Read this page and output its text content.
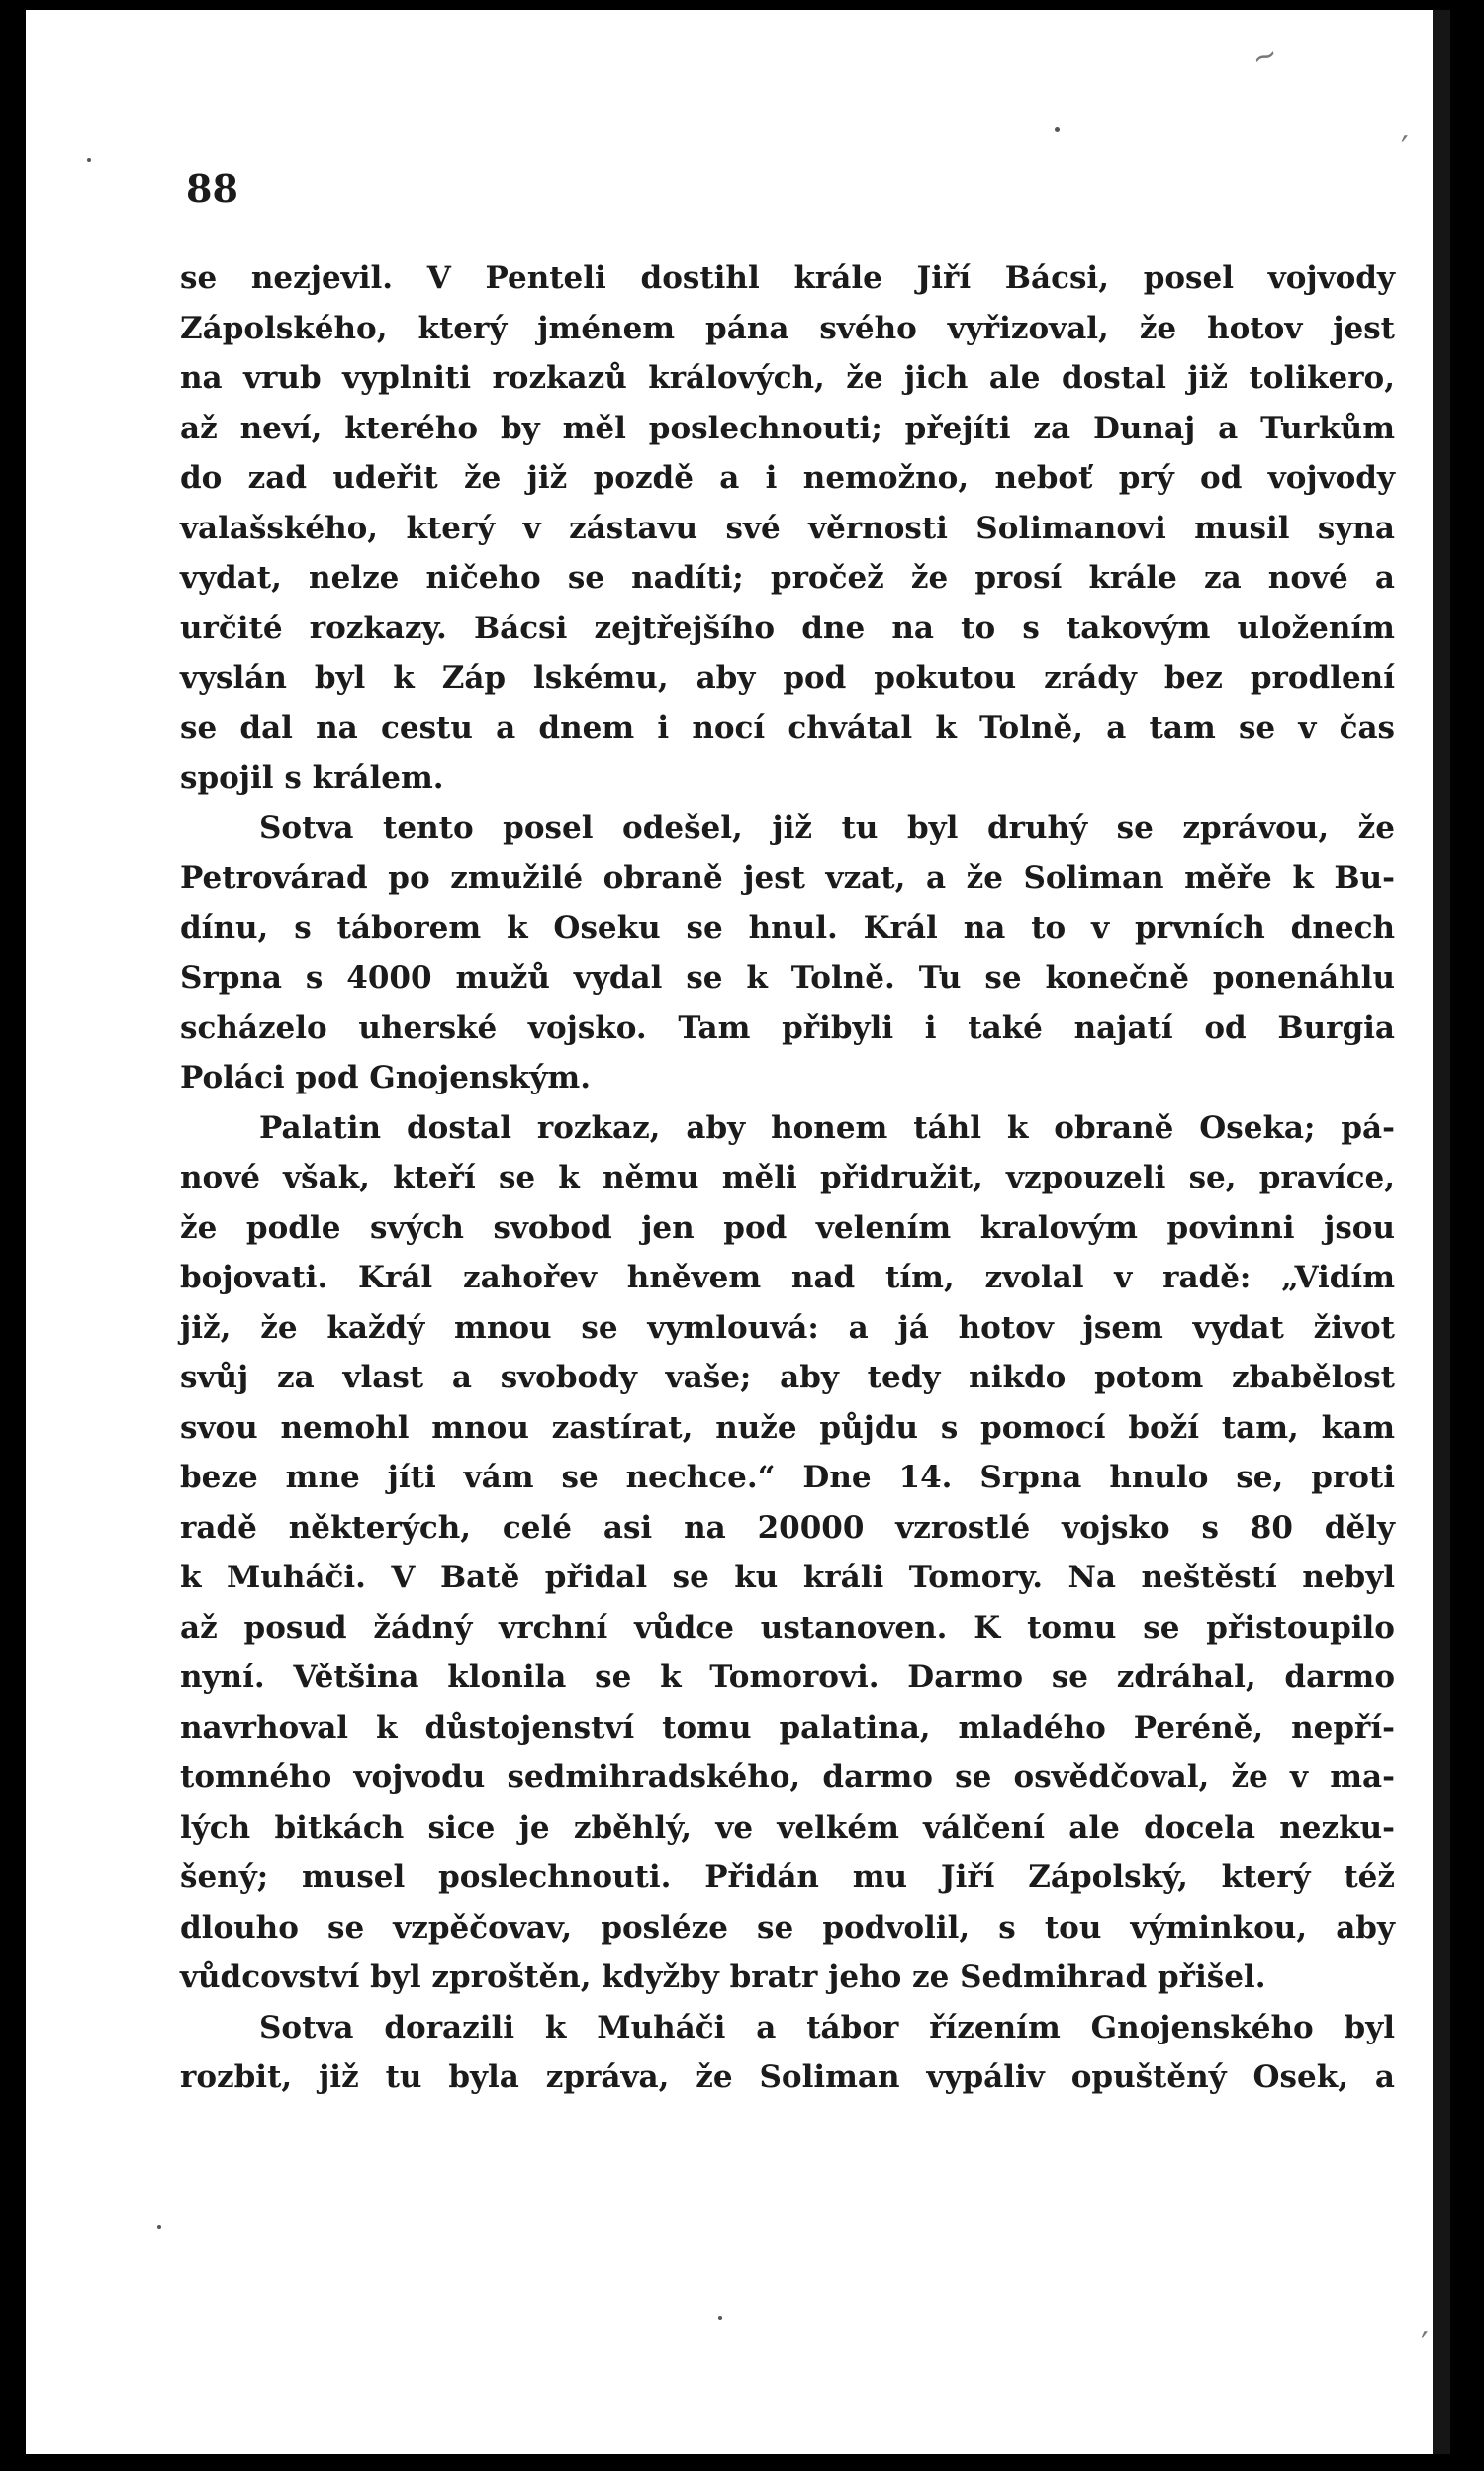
88
se nezjevil. V Penteli dostihl krále Jiří Bácsi, posel vojvody
Zápolského, který jménem pána svého vyřizoval, že hotov jest
na vrub vyplniti rozkazů králových, že jich ale dostal již tolikero,
až neví, kterého by měl poslechnouti; přejíti za Dunaj a Turkům
do zad udeřit že již pozdě a i nemožno, neboť prý od vojvody
valašského, který v zástavu své věrnosti Solimanovi musil syna
vydat, nelze ničeho se nadíti; pročež že prosí krále za nové a
určité rozkazy. Bácsi zejtřejšího dne na to s takovým uložením
vyslán byl k Záp lskému, aby pod pokutou zrády bez prodlení
se dal na cestu a dnem i nocí chvátal k Tolně, a tam se v čas
spojil s králem.
Sotva tento posel odešel, již tu byl druhý se zprávou, že
Petrovárad po zmužilé obraně jest vzat, a že Soliman měře k Bu-
dínu, s táborem k Oseku se hnul. Král na to v prvních dnech
Srpna s 4000 mužů vydal se k Tolně. Tu se konečně ponenáhlu
scházelo uherské vojsko. Tam přibyli i také najatí od Burgia
Poláci pod Gnojenským.
Palatin dostal rozkaz, aby honem táhl k obraně Oseka; pá-
nové však, kteří se k němu měli přidružit, vzpouzeli se, pravíce,
že podle svých svobod jen pod velením kralovým povinni jsou
bojovati. Král zahořev hněvem nad tím, zvolal v radě: „Vidím
již, že každý mnou se vymlouvá: a já hotov jsem vydat život
svůj za vlast a svobody vaše; aby tedy nikdo potom zbabělost
svou nemohl mnou zastírat, nuže půjdu s pomocí boží tam, kam
beze mne jíti vám se nechce.“ Dne 14. Srpna hnulo se, proti
radě některých, celé asi na 20000 vzrostlé vojsko s 80 děly
k Muháči. V Batě přidal se ku králi Tomory. Na neštěstí nebyl
až posud žádný vrchní vůdce ustanoven. K tomu se přistoupilo
nyní. Většina klonila se k Tomorovi. Darmo se zdráhal, darmo
navrhoval k důstojenství tomu palatina, mladého Peréně, nepří-
tomného vojvodu sedmihradského, darmo se osvědčoval, že v ma-
lých bitkách sice je zběhlý, ve velkém válčení ale docela nezku-
šený; musel poslechnouti. Přidán mu Jiří Zápolský, který též
dlouho se vzpěčovav, posléze se podvolil, s tou výminkou, aby
vůdcovství byl zproštěn, kdyžby bratr jeho ze Sedmihrad přišel.
Sotva dorazili k Muháči a tábor řízením Gnojenského byl
rozbit, již tu byla zpráva, že Soliman vypáliv opuštěný Osek, a
∼
′
′
